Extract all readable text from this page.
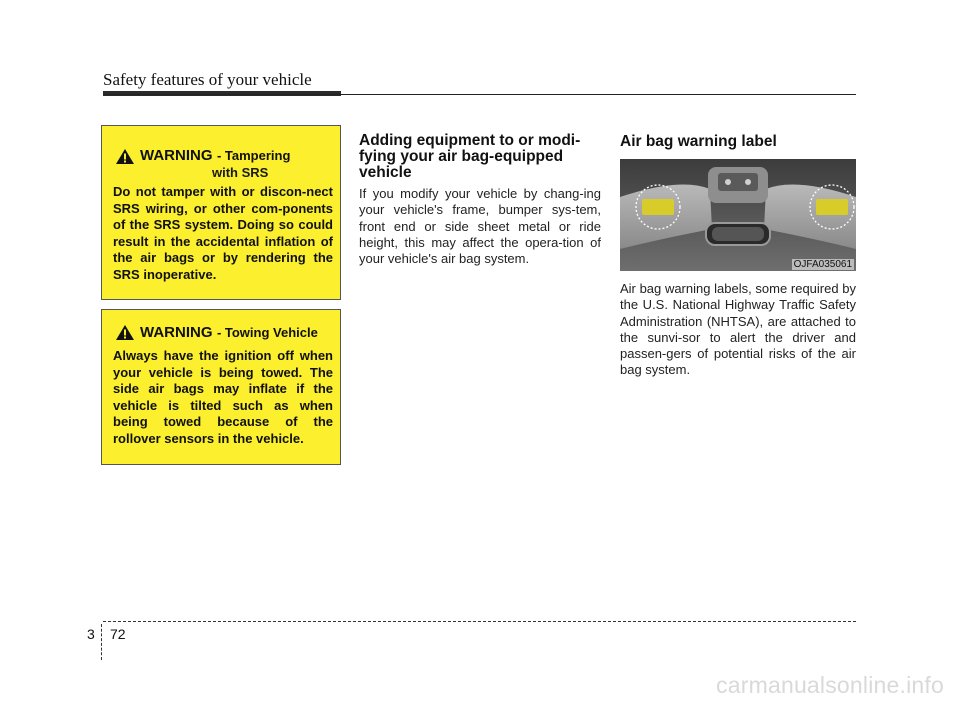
Safety features of your vehicle
WARNING - Tampering
with SRS
Do not tamper with or discon-nect SRS wiring, or other com-ponents of the SRS system. Doing so could result in the accidental inflation of the air bags or by rendering the SRS inoperative.
WARNING - Towing Vehicle
Always have the ignition off when your vehicle is being towed. The side air bags may inflate if the vehicle is tilted such as when being towed because of the rollover sensors in the vehicle.
Adding equipment to or modi-fying your air bag-equipped vehicle
If you modify your vehicle by chang-ing your vehicle's frame, bumper sys-tem, front end or side sheet metal or ride height, this may affect the opera-tion of your vehicle's air bag system.
Air bag warning label
OJFA035061
Air bag warning labels, some required by the U.S. National Highway Traffic Safety Administration (NHTSA), are attached to the sunvi-sor to alert the driver and passen-gers of potential risks of the air bag system.
3 72
carmanualsonline.info
